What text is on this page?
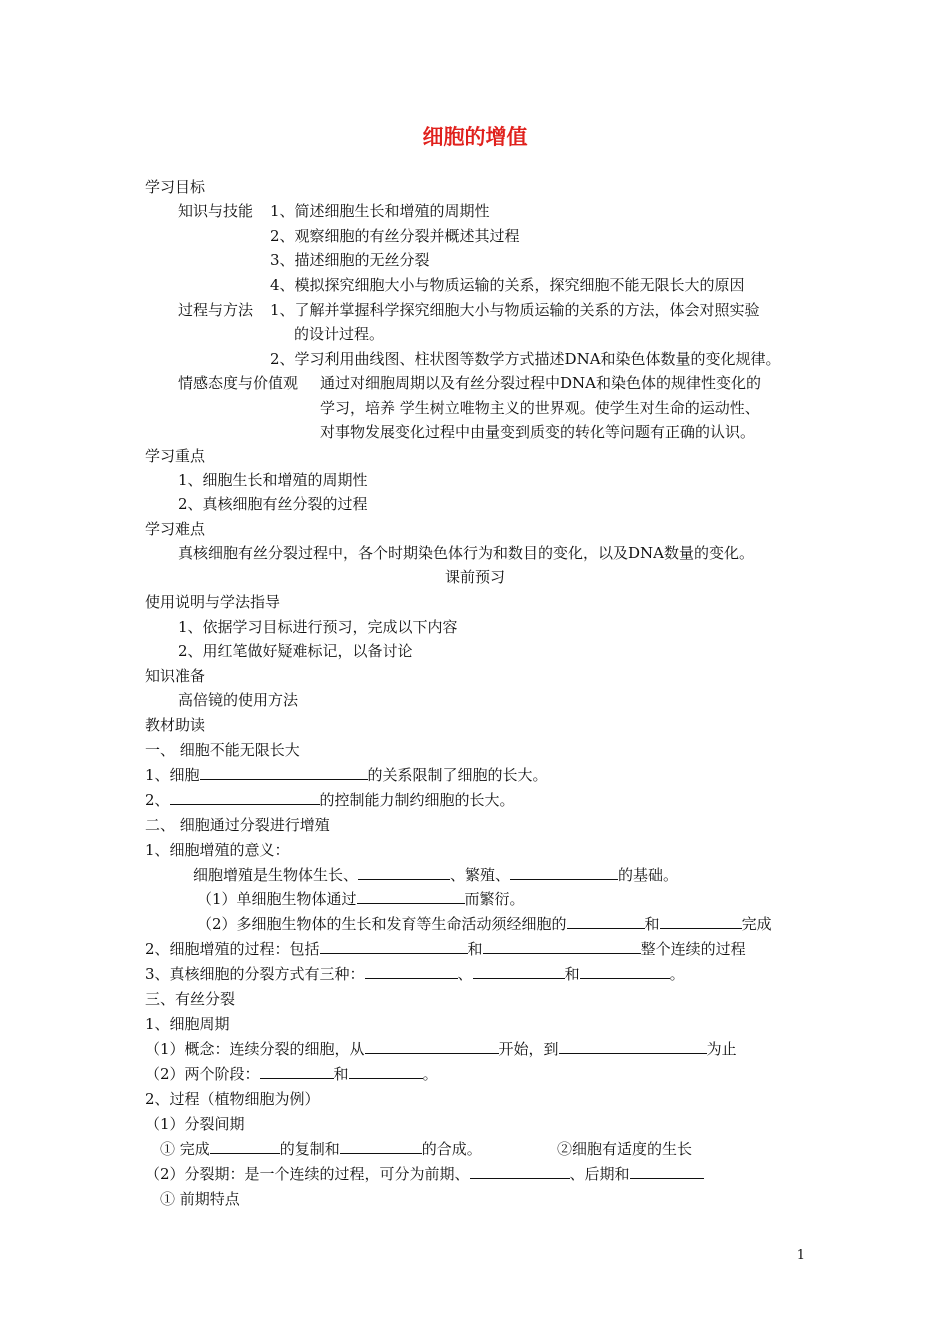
细胞的增值
学习目标
知识与技能 1、简述细胞生长和增殖的周期性
2、观察细胞的有丝分裂并概述其过程
3、描述细胞的无丝分裂
4、模拟探究细胞大小与物质运输的关系，探究细胞不能无限长大的原因
过程与方法 1、了解并掌握科学探究细胞大小与物质运输的关系的方法，体会对照实验
的设计过程。
2、学习利用曲线图、柱状图等数学方式描述DNA和染色体数量的变化规律。
情感态度与价值观 通过对细胞周期以及有丝分裂过程中DNA和染色体的规律性变化的
学习，培养 学生树立唯物主义的世界观。使学生对生命的运动性、
对事物发展变化过程中由量变到质变的转化等问题有正确的认识。
学习重点
1、细胞生长和增殖的周期性
2、真核细胞有丝分裂的过程
学习难点
真核细胞有丝分裂过程中，各个时期染色体行为和数目的变化，以及DNA数量的变化。
课前预习
使用说明与学法指导
1、依据学习目标进行预习，完成以下内容
2、用红笔做好疑难标记，以备讨论
知识准备
高倍镜的使用方法
教材助读
一、 细胞不能无限长大
1、细胞	的关系限制了细胞的长大。
2、	的控制能力制约细胞的长大。
二、 细胞通过分裂进行增殖
1、细胞增殖的意义：
细胞增殖是生物体生长、	、繁殖、	的基础。
（1）单细胞生物体通过	而繁衍。
（2）多细胞生物体的生长和发育等生命活动须经细胞的	和	完成
2、细胞增殖的过程：包括	和	整个连续的过程
3、真核细胞的分裂方式有三种：	、	和	。
三、有丝分裂
1、细胞周期
（1）概念：连续分裂的细胞，从	开始，到	为止
（2）两个阶段：	和	。
2、过程（植物细胞为例）
（1）分裂间期
① 完成	的复制和	的合成。	②细胞有适度的生长
（2）分裂期：是一个连续的过程，可分为前期、	、后期和
① 前期特点
1
